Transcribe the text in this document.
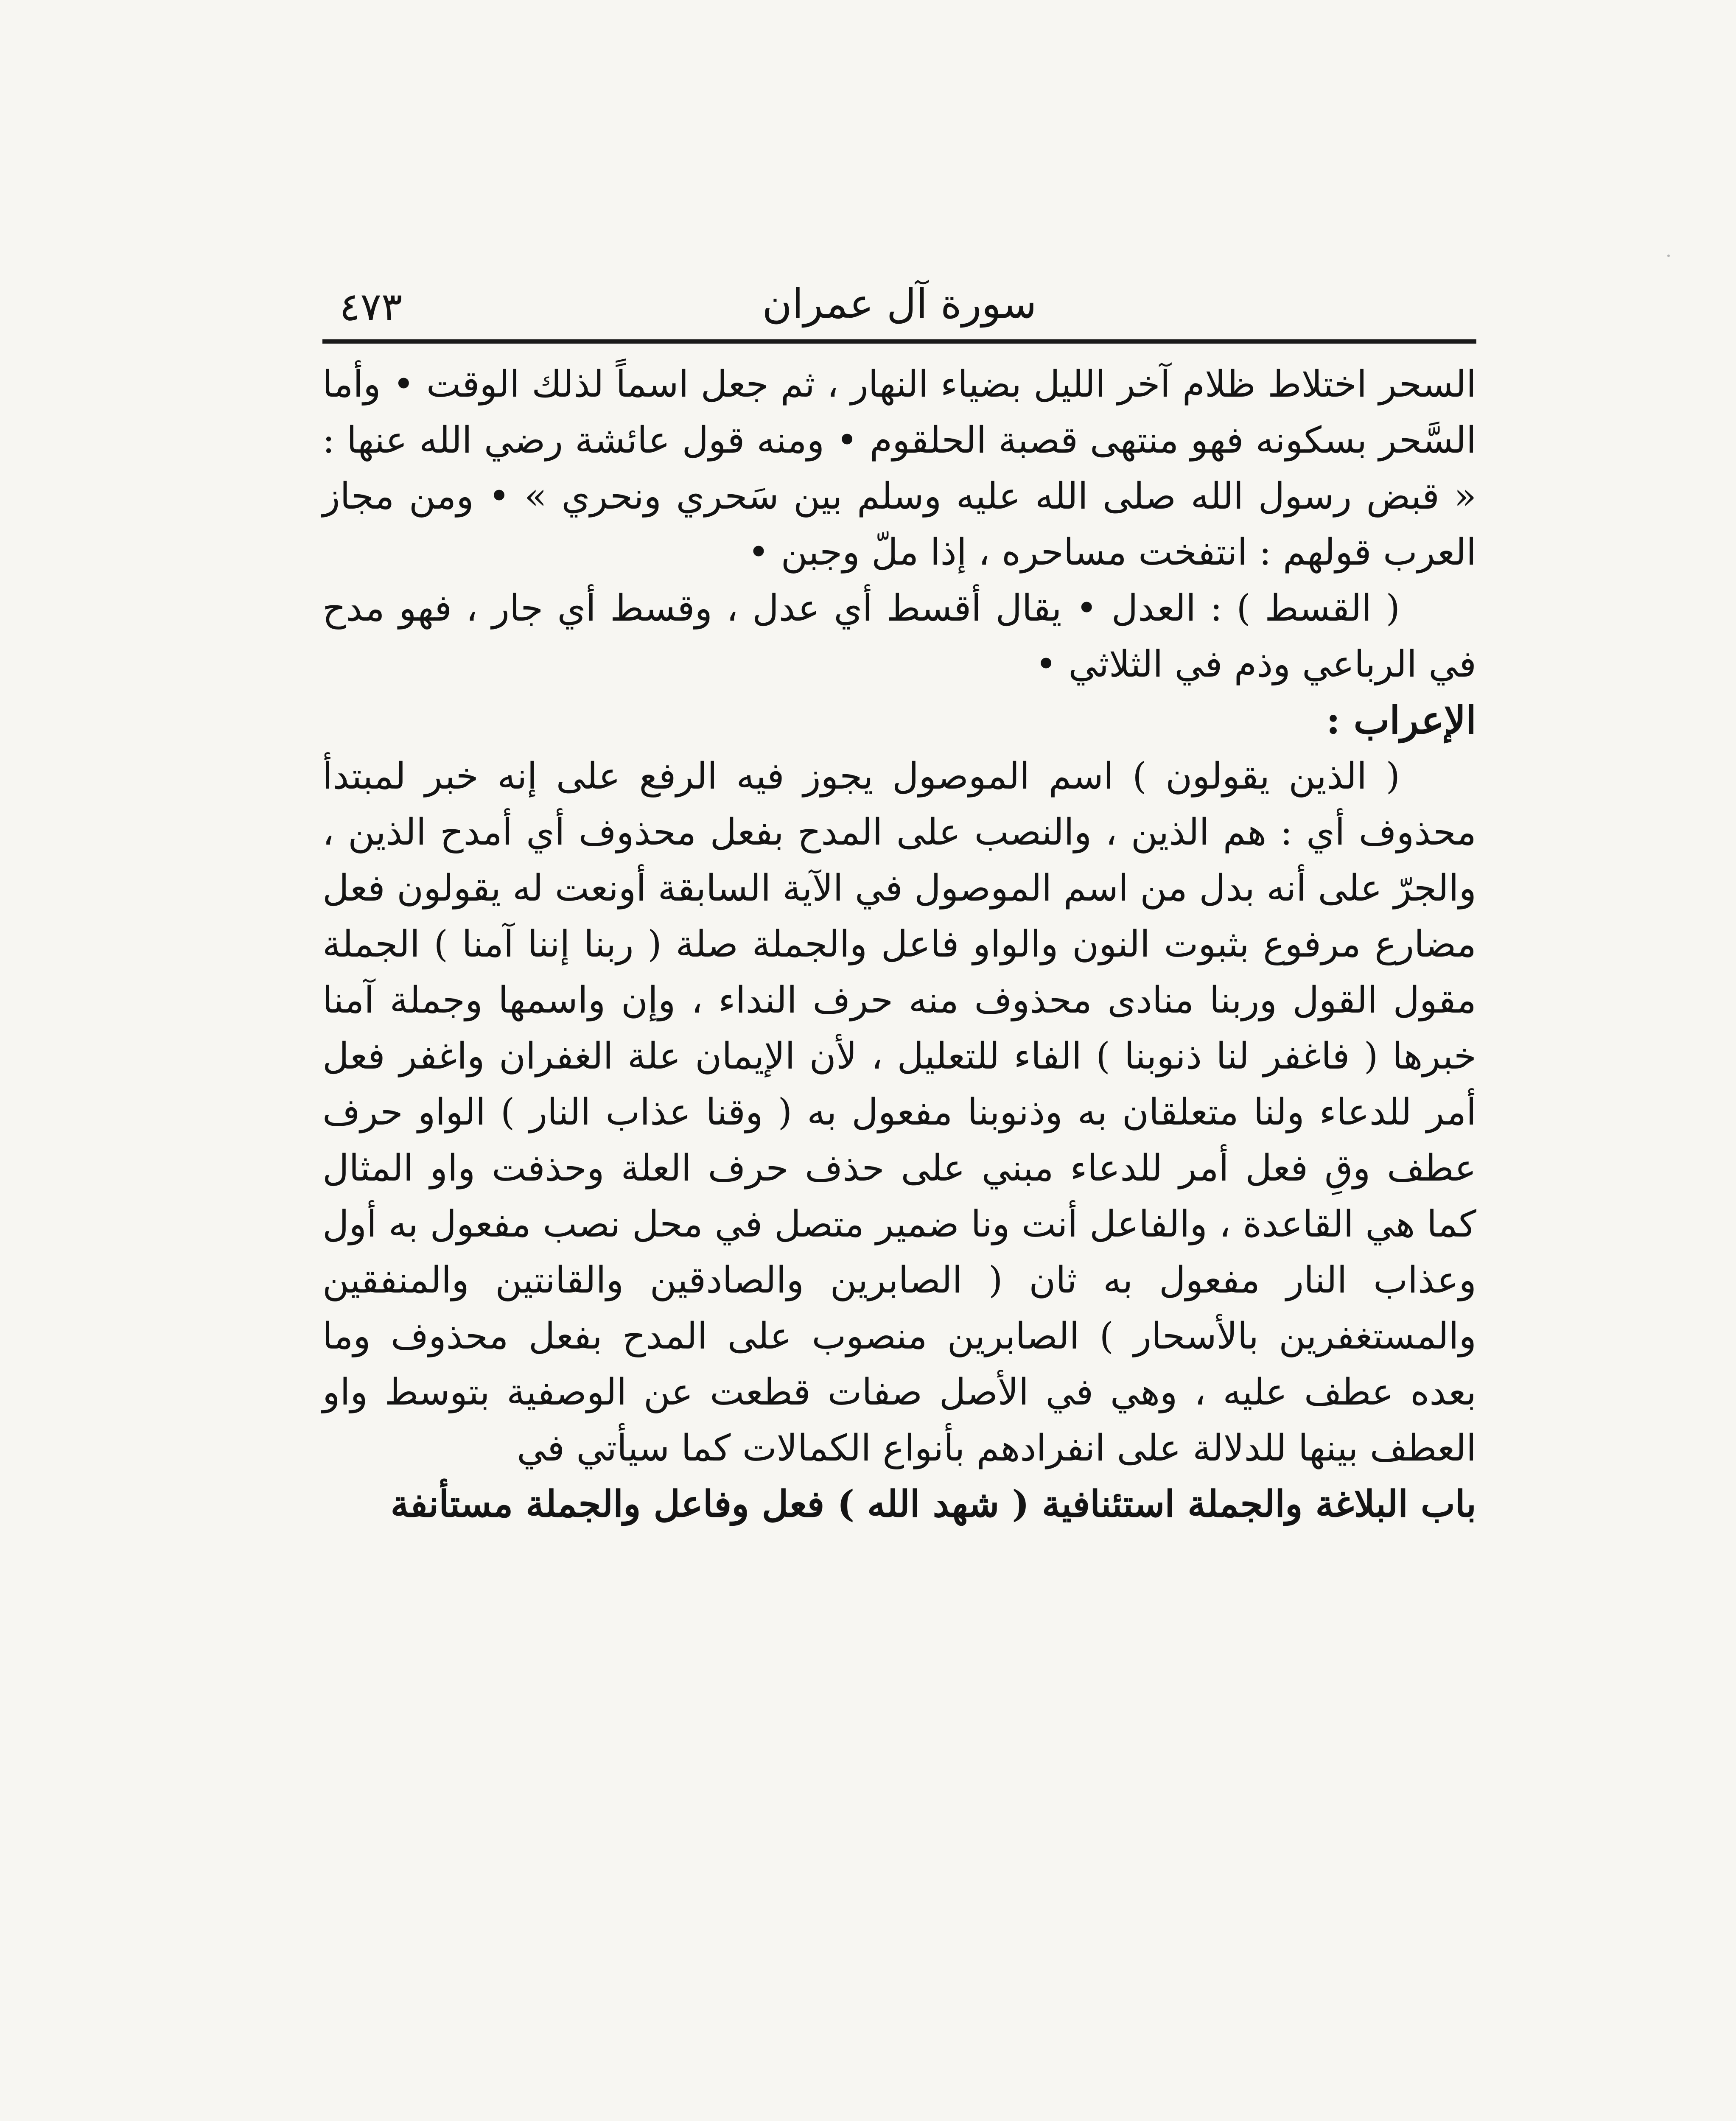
٤٧٣	سورة آل عمران

السحر اختلاط ظلام آخر الليل بضياء النهار ، ثم جعل اسماً لذلك الوقت • وأما السَّحر بسكونه فهو منتهى قصبة الحلقوم • ومنه قول عائشة رضي الله عنها : « قبض رسول الله صلى الله عليه وسلم بين سَحري ونحري » • ومن مجاز العرب قولهم : انتفخت مساحره ، إذا ملّ وجبن •

( القسط ) : العدل • يقال أقسط أي عدل ، وقسط أي جار ، فهو مدح في الرباعي وذم في الثلاثي •

الإعراب :

( الذين يقولون ) اسم الموصول يجوز فيه الرفع على إنه خبر لمبتدأ محذوف أي : هم الذين ، والنصب على المدح بفعل محذوف أي أمدح الذين ، والجرّ على أنه بدل من اسم الموصول في الآية السابقة أونعت له يقولون فعل مضارع مرفوع بثبوت النون والواو فاعل والجملة صلة ( ربنا إننا آمنا ) الجملة مقول القول وربنا منادى محذوف منه حرف النداء ، وإن واسمها وجملة آمنا خبرها ( فاغفر لنا ذنوبنا ) الفاء للتعليل ، لأن الإيمان علة الغفران واغفر فعل أمر للدعاء ولنا متعلقان به وذنوبنا مفعول به ( وقنا عذاب النار ) الواو حرف عطف وقِ فعل أمر للدعاء مبني على حذف حرف العلة وحذفت واو المثال كما هي القاعدة ، والفاعل أنت ونا ضمير متصل في محل نصب مفعول به أول وعذاب النار مفعول به ثان ( الصابرين والصادقين والقانتين والمنفقين والمستغفرين بالأسحار ) الصابرين منصوب على المدح بفعل محذوف وما بعده عطف عليه ، وهي في الأصل صفات قطعت عن الوصفية بتوسط واو العطف بينها للدلالة على انفرادهم بأنواع الكمالات كما سيأتي في

باب البلاغة والجملة استئنافية ( شهد الله ) فعل وفاعل والجملة مستأنفة
